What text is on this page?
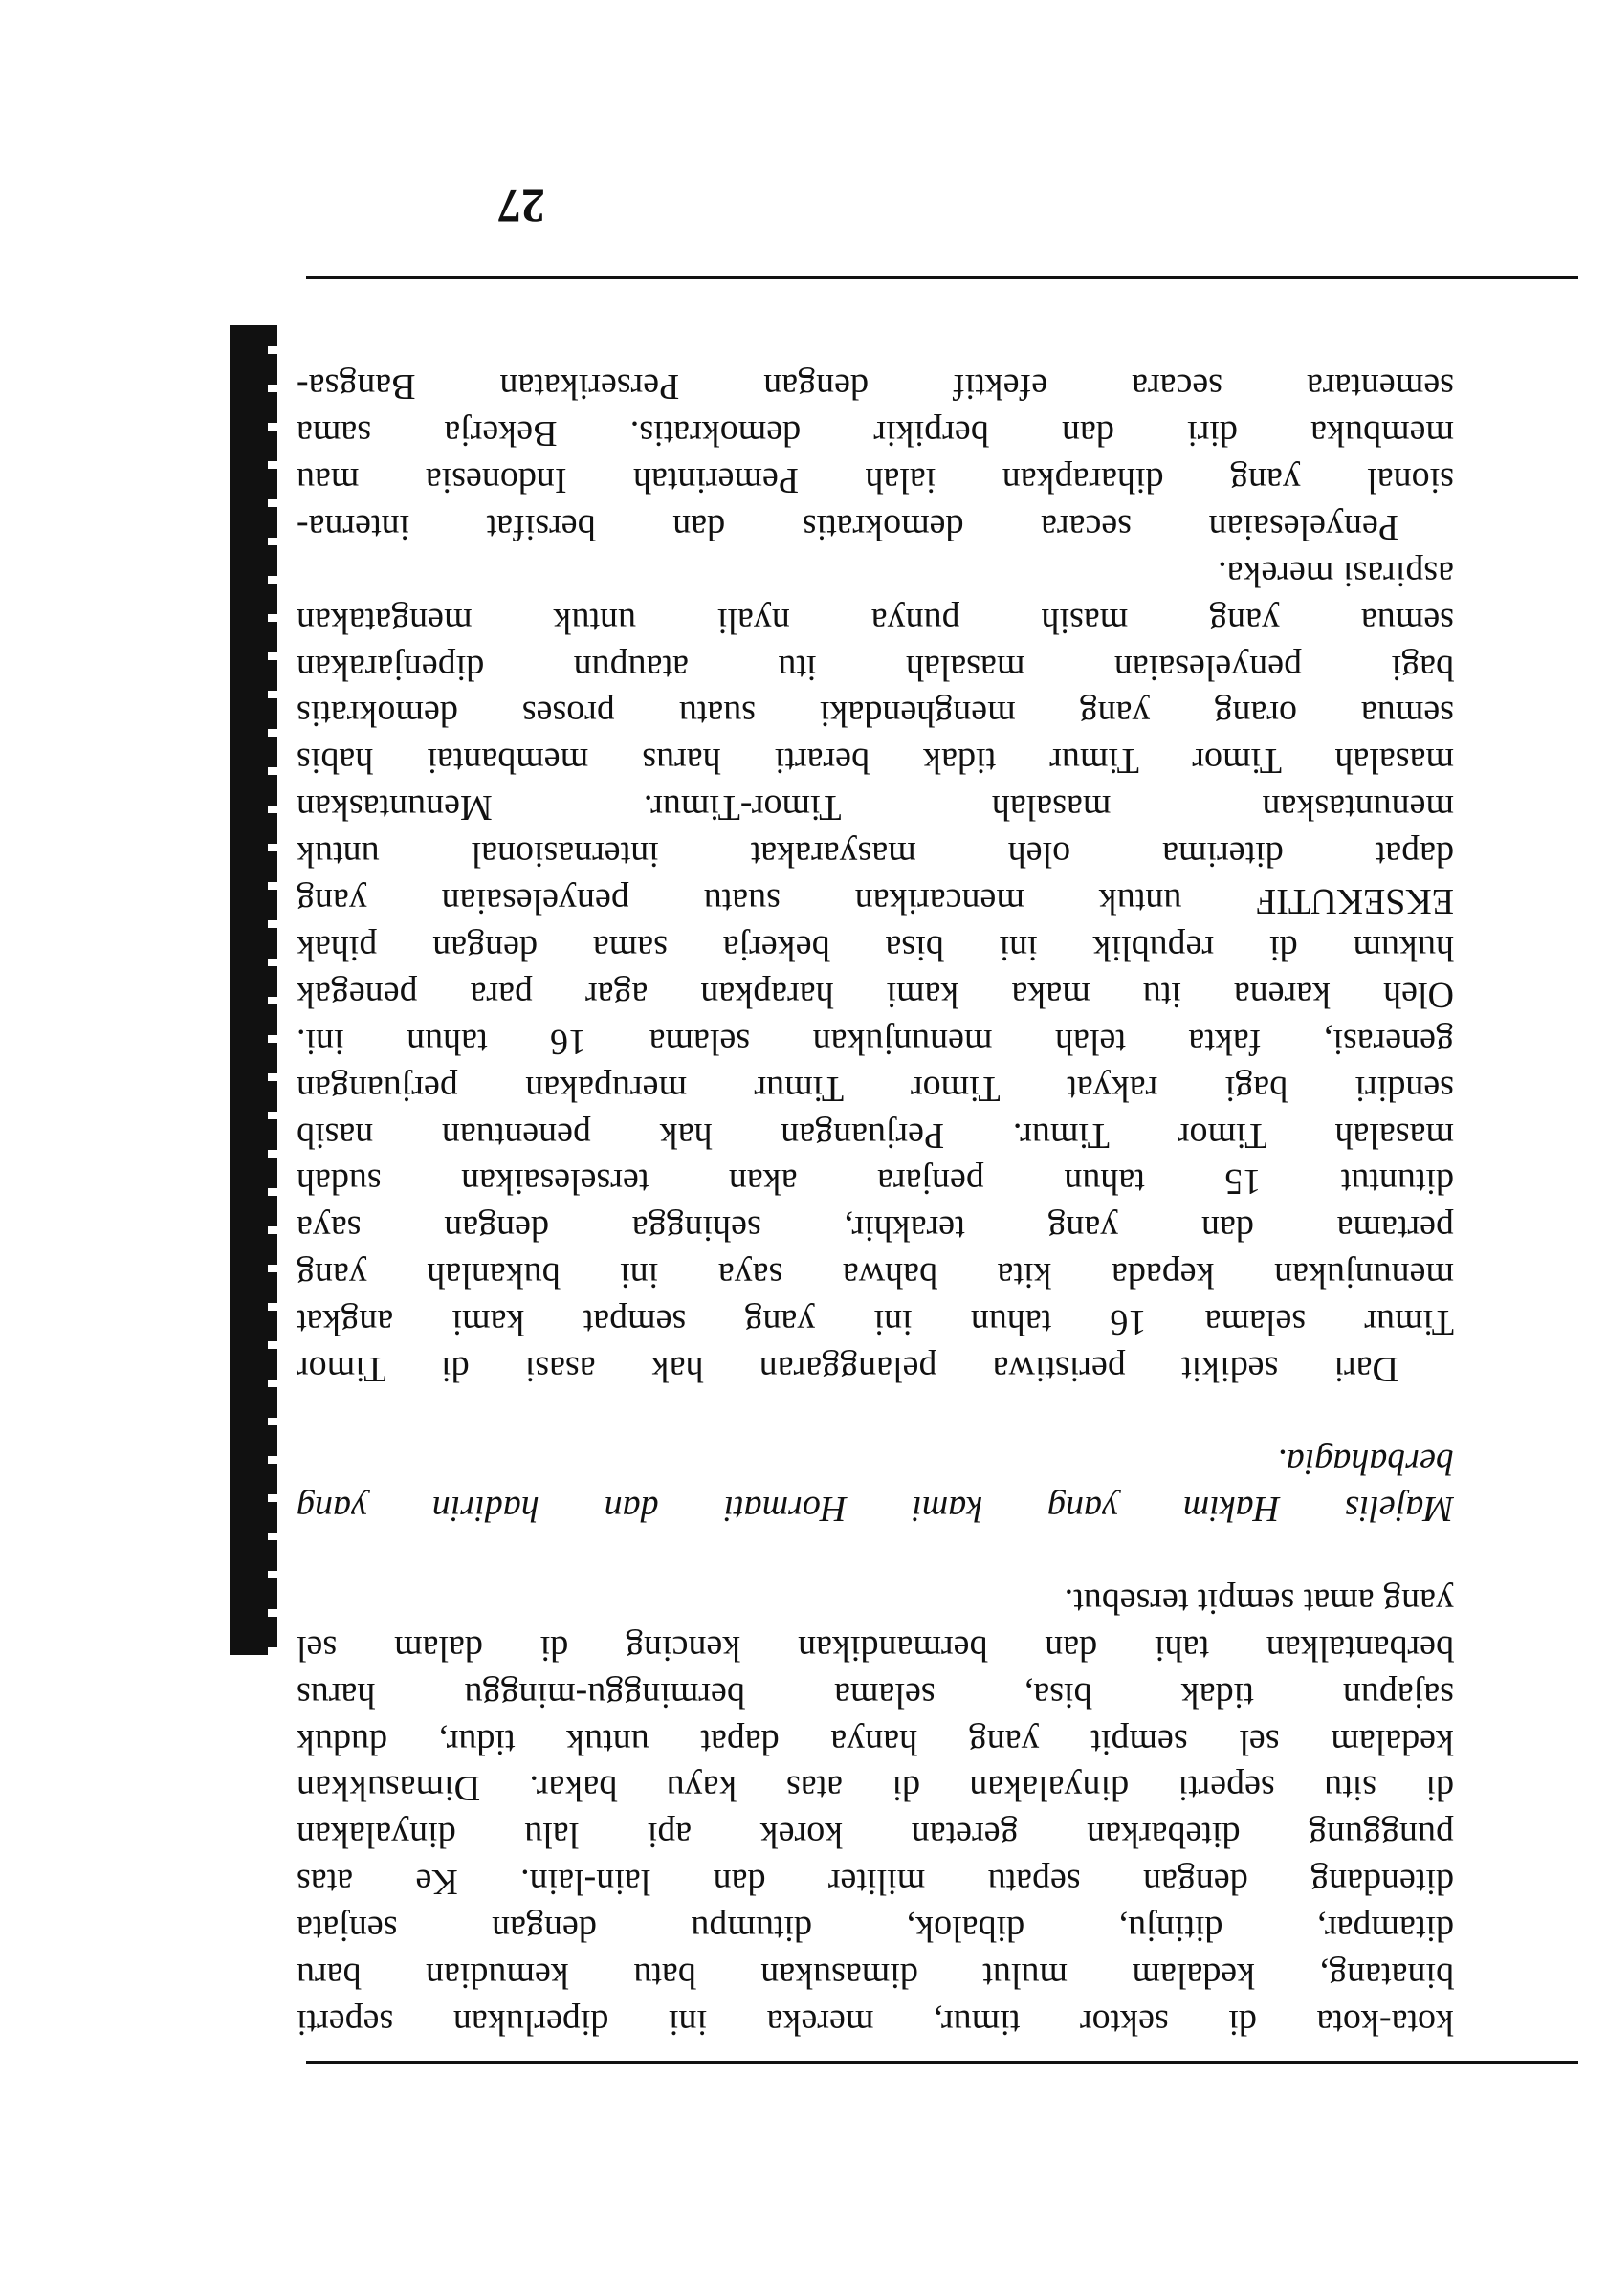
kota-kota di sektor timur, mereka ini diperlukan seperti
binatang, kedalam mulut dimasukan batu kemudian baru
ditampar, ditinju, dibalok, ditumpu dengan senjata
ditendang dengan sepatu militer dan lain-lain. Ke atas
punggung ditebarkan geretan korek api lalu dinyalakan
di situ seperti dinyalakan di atas kayu bakar. Dimasukkan
kedalam sel sempit yang hanya dapat untuk tidur, duduk
sajapun tidak bisa, selama berminggu-minggu harus
berbantalkan tahi dan bermandikan kencing di dalam sel
yang amat sempit tersebut.
Majelis Hakim yang kami Hormati dan hadirin yang
berbahagia.
Dari sedikit peristiwa pelanggaran hak asasi di Timor
Timur selama 16 tahun ini yang sempat kami angkat
menunjukan kepada kita bahwa saya ini bukanlah yang
pertama dan yang terakhir, sehingga dengan saya
dituntut 15 tahun penjara akan terselesaikan sudah
masalah Timor Timur. Perjuangan hak penentuan nasib
sendiri bagi rakyat Timor Timur merupakan perjuangan
generasi, fakta telah menunjukan selama 16 tahun ini.
Oleh karena itu maka kami harapkan agar para penegak
hukum di republik ini bisa bekerja sama dengan pihak
EKSEKUTIF untuk mencarikan suatu penyelesaian yang
dapat diterima oleh masyarakat internasional untuk
menuntaskan masalah Timor-Timur. Menuntaskan
masalah Timor Timur tidak berarti harus membantai habis
semua orang yang menghendaki suatu proses demokratis
bagi penyelesaian masalah itu ataupun dipenjarakan
semua yang masih punya nyali untuk mengatakan
aspirasi mereka.
Penyelesaian secara demokratis dan bersifat interna-
sional yang diharapkan ialah Pemerintah Indonesia mau
membuka diri dan berpikir demokratis. Bekerja sama
sementara secara efektif dengan Perserikatan Bangsa-
27
